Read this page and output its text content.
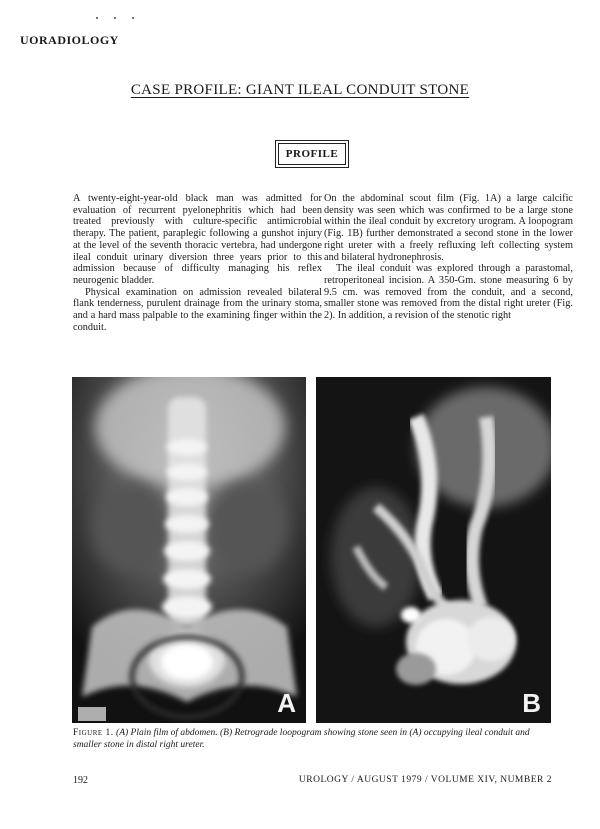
UORADIOLOGY
CASE PROFILE: GIANT ILEAL CONDUIT STONE
PROFILE

A twenty-eight-year-old black man was admitted for evaluation of recurrent pyelonephritis which had been treated previously with culture-specific antimicrobial therapy. The patient, paraplegic following a gunshot injury at the level of the seventh thoracic vertebra, had undergone ileal conduit urinary diversion three years prior to this admission because of difficulty managing his reflex neurogenic bladder.

Physical examination on admission revealed bilateral flank tenderness, purulent drainage from the urinary stoma, and a hard mass palpable to the examining finger within the conduit.

On the abdominal scout film (Fig. 1A) a large calcific density was seen which was confirmed to be a large stone within the ileal conduit by excretory urogram. A loopogram (Fig. 1B) further demonstrated a second stone in the lower right ureter with a freely refluxing left collecting system and bilateral hydronephrosis.

The ileal conduit was explored through a parastomal, retroperitoneal incision. A 350-Gm. stone measuring 6 by 9.5 cm. was removed from the conduit, and a second, smaller stone was removed from the distal right ureter (Fig. 2). In addition, a revision of the stenotic right

A	B
Figure 1. (A) Plain film of abdomen. (B) Retrograde loopogram showing stone seen in (A) occupying ileal conduit and smaller stone in distal right ureter.
192	UROLOGY / AUGUST 1979 / VOLUME XIV, NUMBER 2
